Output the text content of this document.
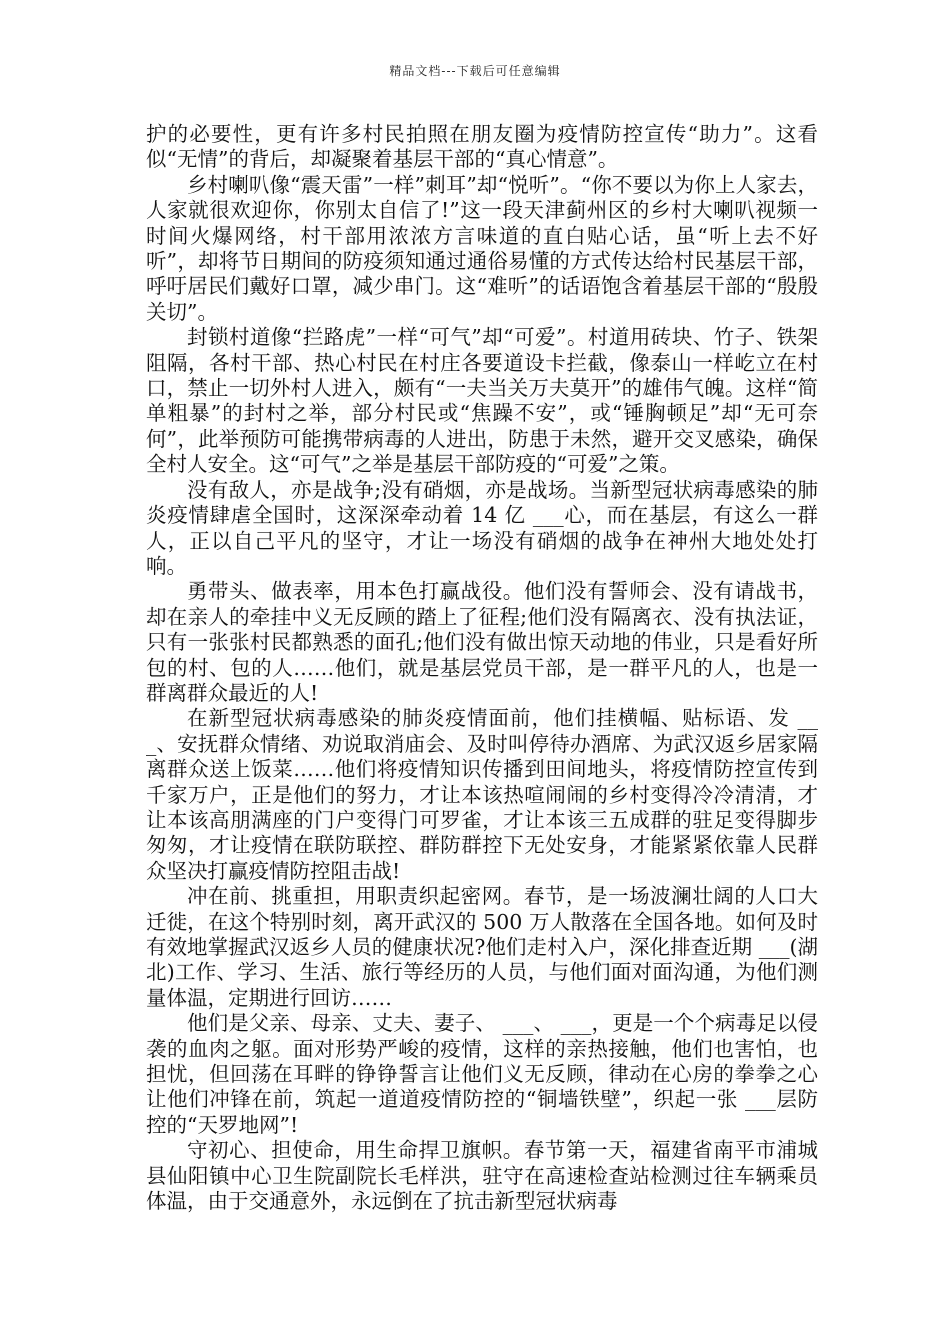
精品文档---下载后可任意编辑

护的必要性，更有许多村民拍照在朋友圈为疫情防控宣传“助力”。这看似“无情”的背后，却凝聚着基层干部的“真心情意”。

乡村喇叭像“震天雷”一样”刺耳”却“悦听”。“你不要以为你上人家去，人家就很欢迎你，你别太自信了!”这一段天津蓟州区的乡村大喇叭视频一时间火爆网络，村干部用浓浓方言味道的直白贴心话，虽“听上去不好听”，却将节日期间的防疫须知通过通俗易懂的方式传达给村民基层干部，呼吁居民们戴好口罩，减少串门。这“难听”的话语饱含着基层干部的“殷殷关切”。

封锁村道像“拦路虎”一样“可气”却“可爱”。村道用砖块、竹子、铁架阻隔，各村干部、热心村民在村庄各要道设卡拦截，像泰山一样屹立在村口，禁止一切外村人进入，颇有“一夫当关万夫莫开”的雄伟气魄。这样“简单粗暴”的封村之举，部分村民或“焦躁不安”，或“锤胸顿足”却“无可奈何”，此举预防可能携带病毒的人进出，防患于未然，避开交叉感染，确保全村人安全。这“可气”之举是基层干部防疫的“可爱”之策。

没有敌人，亦是战争;没有硝烟，亦是战场。当新型冠状病毒感染的肺炎疫情肆虐全国时，这深深牵动着 14 亿 ___心，而在基层，有这么一群人，正以自己平凡的坚守，才让一场没有硝烟的战争在神州大地处处打响。

勇带头、做表率，用本色打赢战役。他们没有誓师会、没有请战书，却在亲人的牵挂中义无反顾的踏上了征程;他们没有隔离衣、没有执法证，只有一张张村民都熟悉的面孔;他们没有做出惊天动地的伟业，只是看好所包的村、包的人……他们，就是基层党员干部，是一群平凡的人，也是一群离群众最近的人!

在新型冠状病毒感染的肺炎疫情面前，他们挂横幅、贴标语、发 ___、安抚群众情绪、劝说取消庙会、及时叫停待办酒席、为武汉返乡居家隔离群众送上饭菜……他们将疫情知识传播到田间地头，将疫情防控宣传到千家万户，正是他们的努力，才让本该热喧闹闹的乡村变得冷冷清清，才让本该高朋满座的门户变得门可罗雀，才让本该三五成群的驻足变得脚步匆匆，才让疫情在联防联控、群防群控下无处安身，才能紧紧依靠人民群众坚决打赢疫情防控阻击战!

冲在前、挑重担，用职责织起密网。春节，是一场波澜壮阔的人口大迁徙，在这个特别时刻，离开武汉的 500 万人散落在全国各地。如何及时有效地掌握武汉返乡人员的健康状况?他们走村入户，深化排查近期 ___(湖北)工作、学习、生活、旅行等经历的人员，与他们面对面沟通，为他们测量体温，定期进行回访……

他们是父亲、母亲、丈夫、妻子、 ___、 ___，更是一个个病毒足以侵袭的血肉之躯。面对形势严峻的疫情，这样的亲热接触，他们也害怕，也担忧，但回荡在耳畔的铮铮誓言让他们义无反顾，律动在心房的拳拳之心让他们冲锋在前，筑起一道道疫情防控的“铜墙铁壁”，织起一张 ___层防控的“天罗地网”!

守初心、担使命，用生命捍卫旗帜。春节第一天，福建省南平市浦城县仙阳镇中心卫生院副院长毛样洪，驻守在高速检查站检测过往车辆乘员体温，由于交通意外，永远倒在了抗击新型冠状病毒
